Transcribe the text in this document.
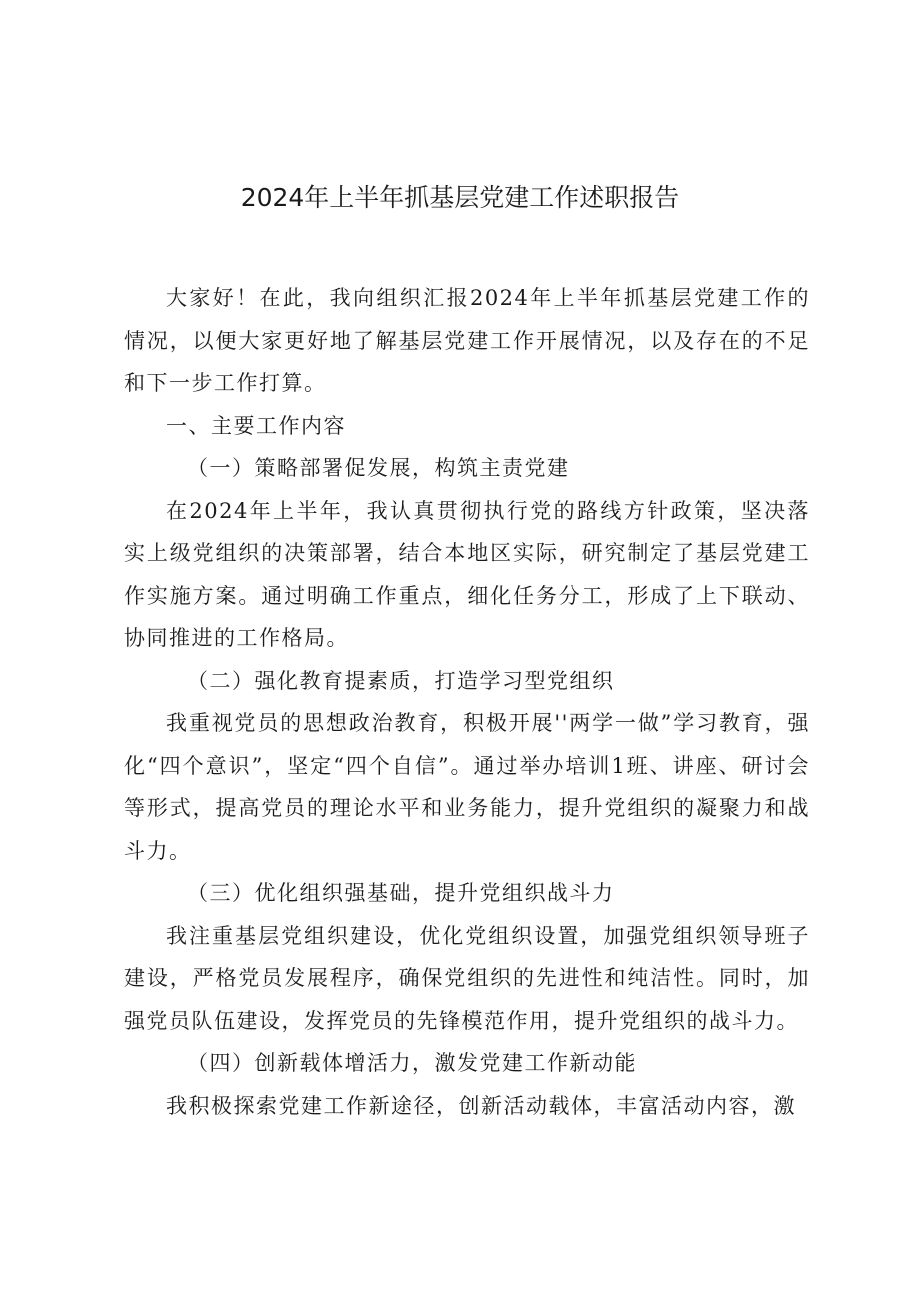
2024年上半年抓基层党建工作述职报告

大家好！在此，我向组织汇报2024年上半年抓基层党建工作的情况，以便大家更好地了解基层党建工作开展情况，以及存在的不足和下一步工作打算。

一、主要工作内容

（一）策略部署促发展，构筑主责党建

在2024年上半年，我认真贯彻执行党的路线方针政策，坚决落实上级党组织的决策部署，结合本地区实际，研究制定了基层党建工作实施方案。通过明确工作重点，细化任务分工，形成了上下联动、协同推进的工作格局。

（二）强化教育提素质，打造学习型党组织

我重视党员的思想政治教育，积极开展''两学一做”学习教育，强化“四个意识”，坚定“四个自信”。通过举办培训1班、讲座、研讨会等形式，提高党员的理论水平和业务能力，提升党组织的凝聚力和战斗力。

（三）优化组织强基础，提升党组织战斗力

我注重基层党组织建设，优化党组织设置，加强党组织领导班子建设，严格党员发展程序，确保党组织的先进性和纯洁性。同时，加强党员队伍建设，发挥党员的先锋模范作用，提升党组织的战斗力。

（四）创新载体增活力，激发党建工作新动能

我积极探索党建工作新途径，创新活动载体，丰富活动内容，激
